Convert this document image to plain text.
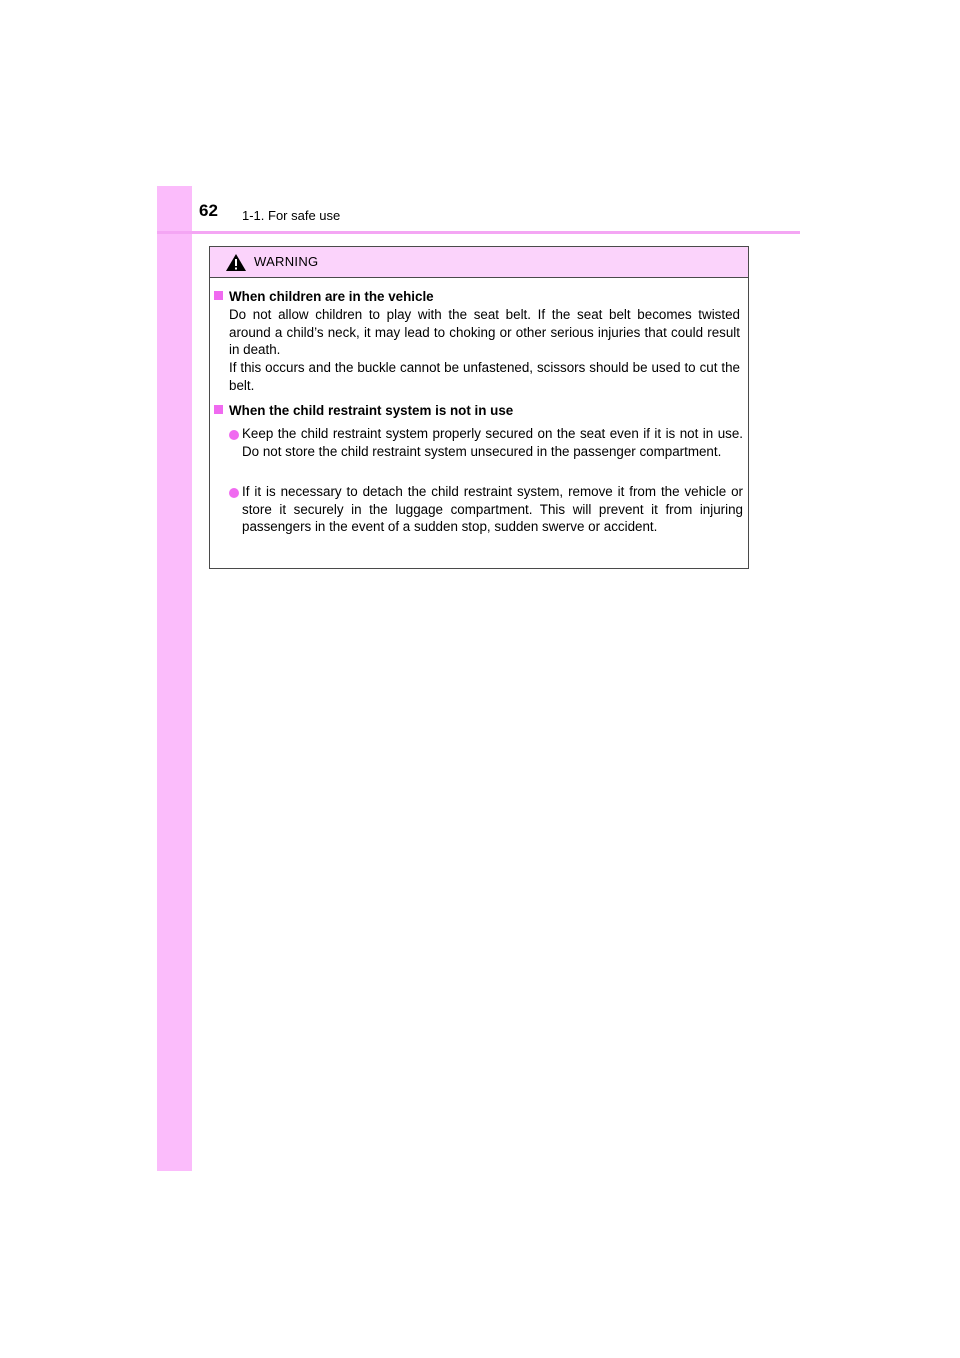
62 1-1. For safe use
WARNING
When children are in the vehicle
Do not allow children to play with the seat belt. If the seat belt becomes twisted around a child’s neck, it may lead to choking or other serious injuries that could result in death.
If this occurs and the buckle cannot be unfastened, scissors should be used to cut the belt.
When the child restraint system is not in use
Keep the child restraint system properly secured on the seat even if it is not in use. Do not store the child restraint system unsecured in the passenger compartment.
If it is necessary to detach the child restraint system, remove it from the vehicle or store it securely in the luggage compartment. This will prevent it from injuring passengers in the event of a sudden stop, sudden swerve or accident.
